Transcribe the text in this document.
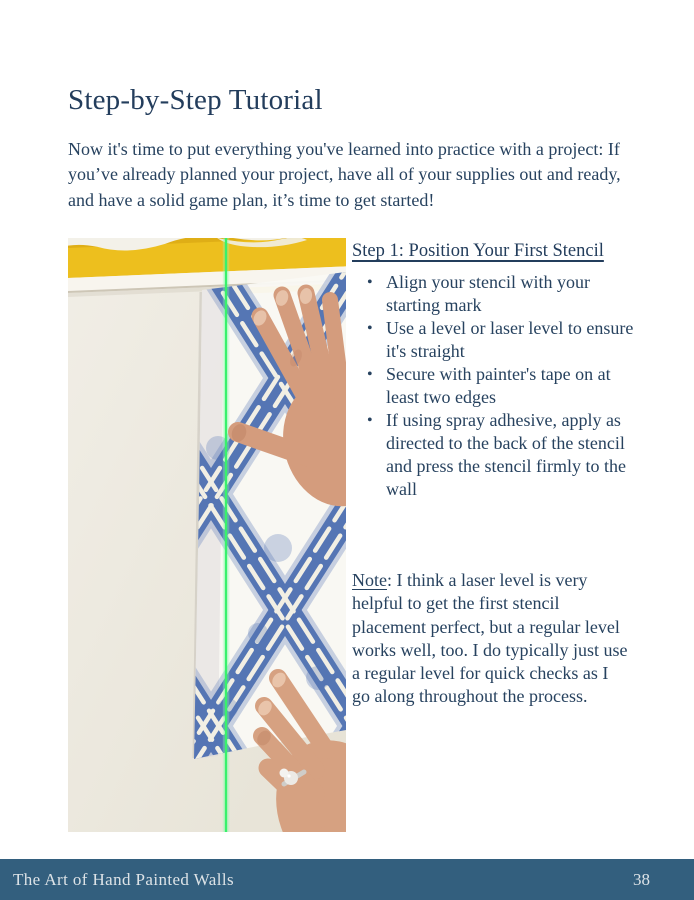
Step-by-Step Tutorial

Now it's time to put everything you've learned into practice with a project: If you’ve already planned your project, have all of your supplies out and ready, and have a solid game plan, it’s time to get started!

Step 1: Position Your First Stencil
• Align your stencil with your starting mark
• Use a level or laser level to ensure it's straight
• Secure with painter's tape on at least two edges
• If using spray adhesive, apply as directed to the back of the stencil and press the stencil firmly to the wall

Note: I think a laser level is very helpful to get the first stencil placement perfect, but a regular level works well, too. I do typically just use a regular level for quick checks as I go along throughout the process.

The Art of Hand Painted Walls	38
